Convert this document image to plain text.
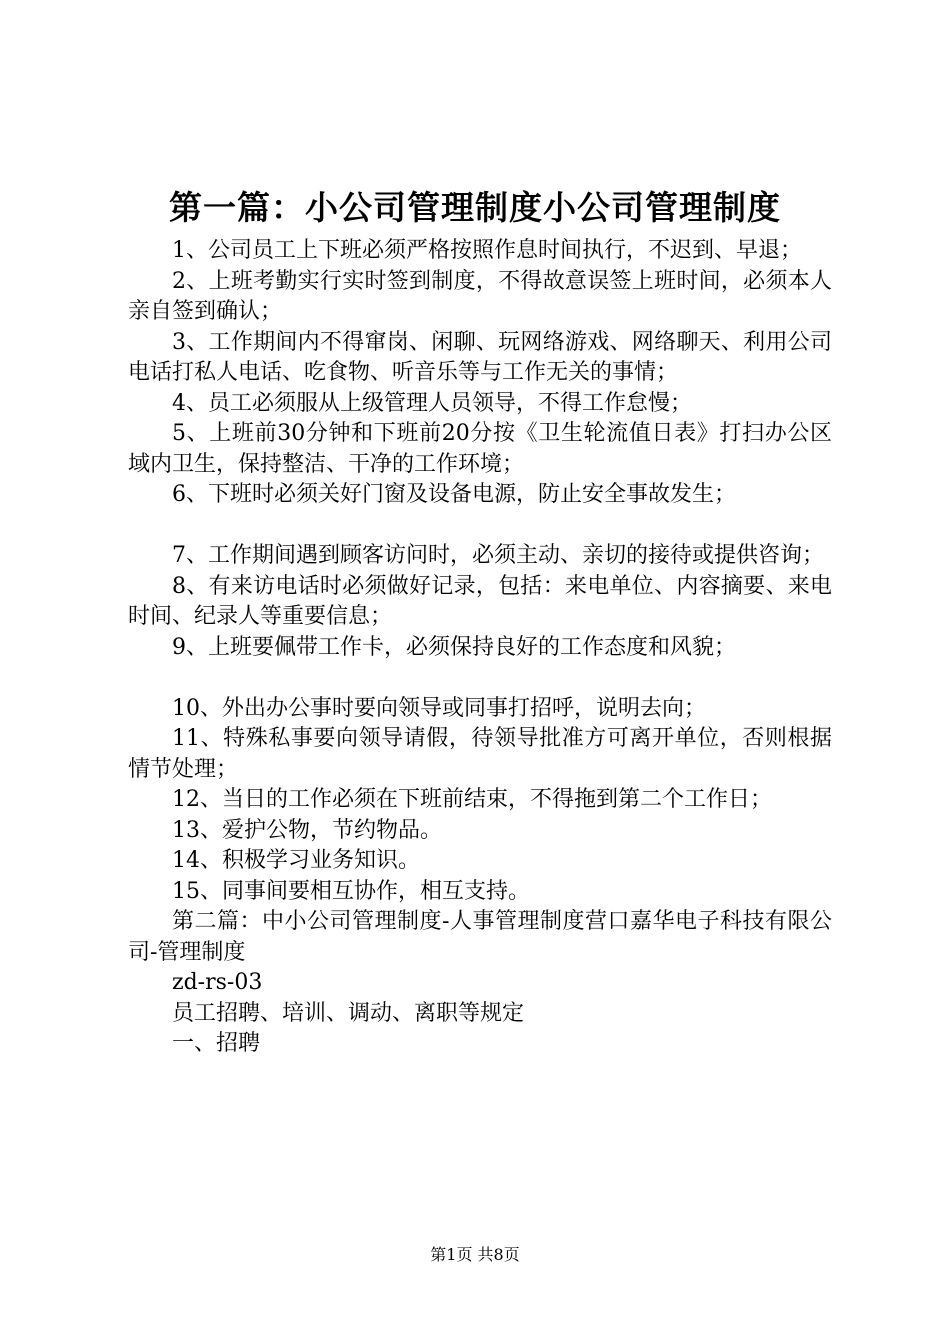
第一篇：小公司管理制度小公司管理制度

1、公司员工上下班必须严格按照作息时间执行，不迟到、早退；

2、上班考勤实行实时签到制度，不得故意误签上班时间，必须本人亲自签到确认；

3、工作期间内不得窜岗、闲聊、玩网络游戏、网络聊天、利用公司电话打私人电话、吃食物、听音乐等与工作无关的事情；

4、员工必须服从上级管理人员领导，不得工作怠慢；

5、上班前30分钟和下班前20分按《卫生轮流值日表》打扫办公区域内卫生，保持整洁、干净的工作环境；

6、下班时必须关好门窗及设备电源，防止安全事故发生；

7、工作期间遇到顾客访问时，必须主动、亲切的接待或提供咨询；

8、有来访电话时必须做好记录，包括：来电单位、内容摘要、来电时间、纪录人等重要信息；

9、上班要佩带工作卡，必须保持良好的工作态度和风貌；

10、外出办公事时要向领导或同事打招呼，说明去向；

11、特殊私事要向领导请假，待领导批准方可离开单位，否则根据情节处理；

12、当日的工作必须在下班前结束，不得拖到第二个工作日；

13、爱护公物，节约物品。

14、积极学习业务知识。

15、同事间要相互协作，相互支持。

第二篇：中小公司管理制度-人事管理制度营口嘉华电子科技有限公司-管理制度

zd-rs-03

员工招聘、培训、调动、离职等规定

一、招聘

第1页 共8页
